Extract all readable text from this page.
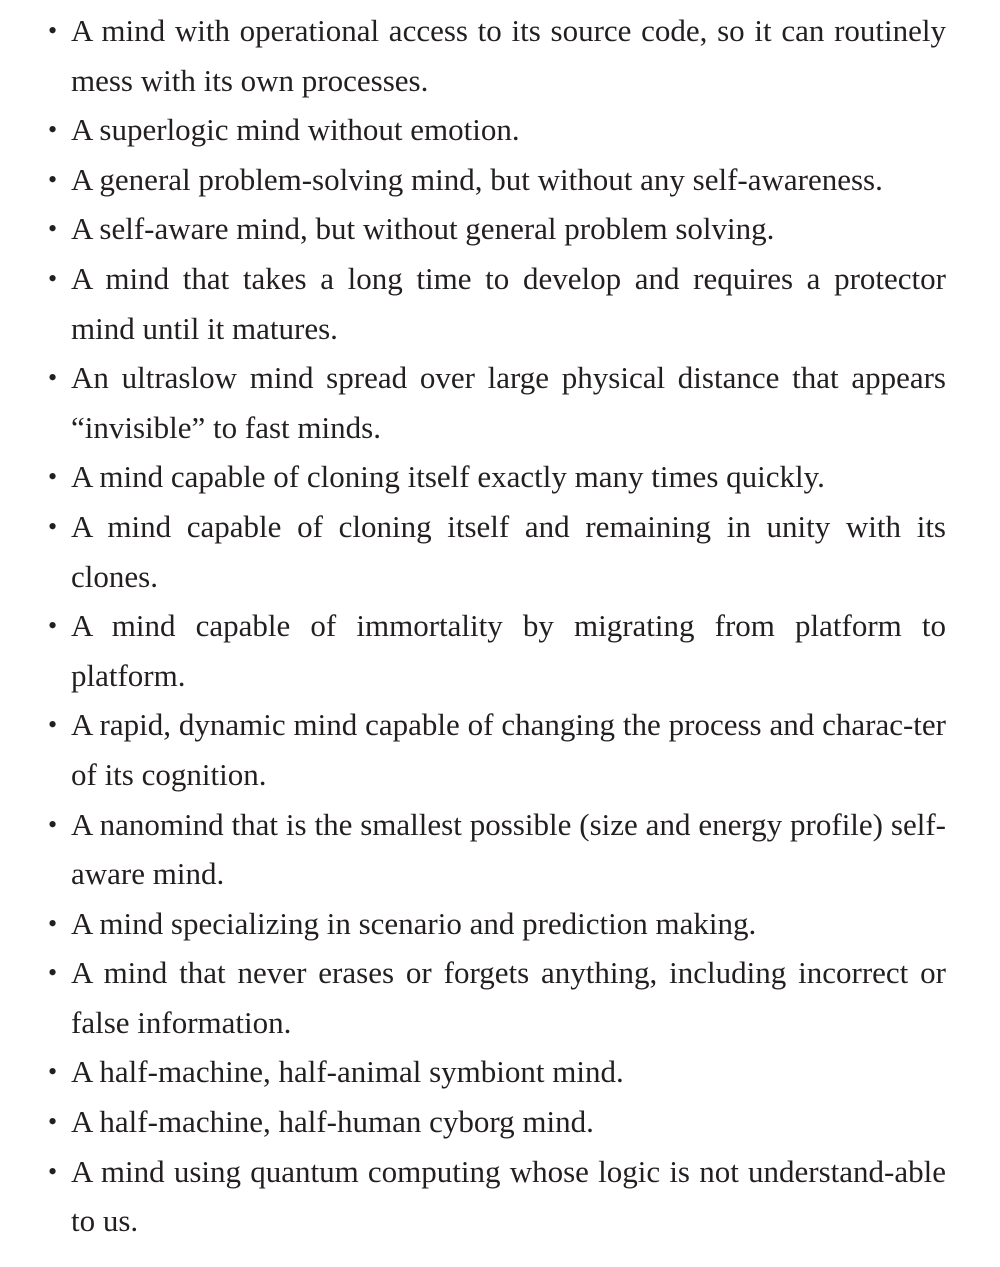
• A mind with operational access to its source code, so it can routinely mess with its own processes.
• A superlogic mind without emotion.
• A general problem-solving mind, but without any self-awareness.
• A self-aware mind, but without general problem solving.
• A mind that takes a long time to develop and requires a protector mind until it matures.
• An ultraslow mind spread over large physical distance that appears “invisible” to fast minds.
• A mind capable of cloning itself exactly many times quickly.
• A mind capable of cloning itself and remaining in unity with its clones.
• A mind capable of immortality by migrating from platform to platform.
• A rapid, dynamic mind capable of changing the process and charac-ter of its cognition.
• A nanomind that is the smallest possible (size and energy profile) self-aware mind.
• A mind specializing in scenario and prediction making.
• A mind that never erases or forgets anything, including incorrect or false information.
• A half-machine, half-animal symbiont mind.
• A half-machine, half-human cyborg mind.
• A mind using quantum computing whose logic is not understand-able to us.
